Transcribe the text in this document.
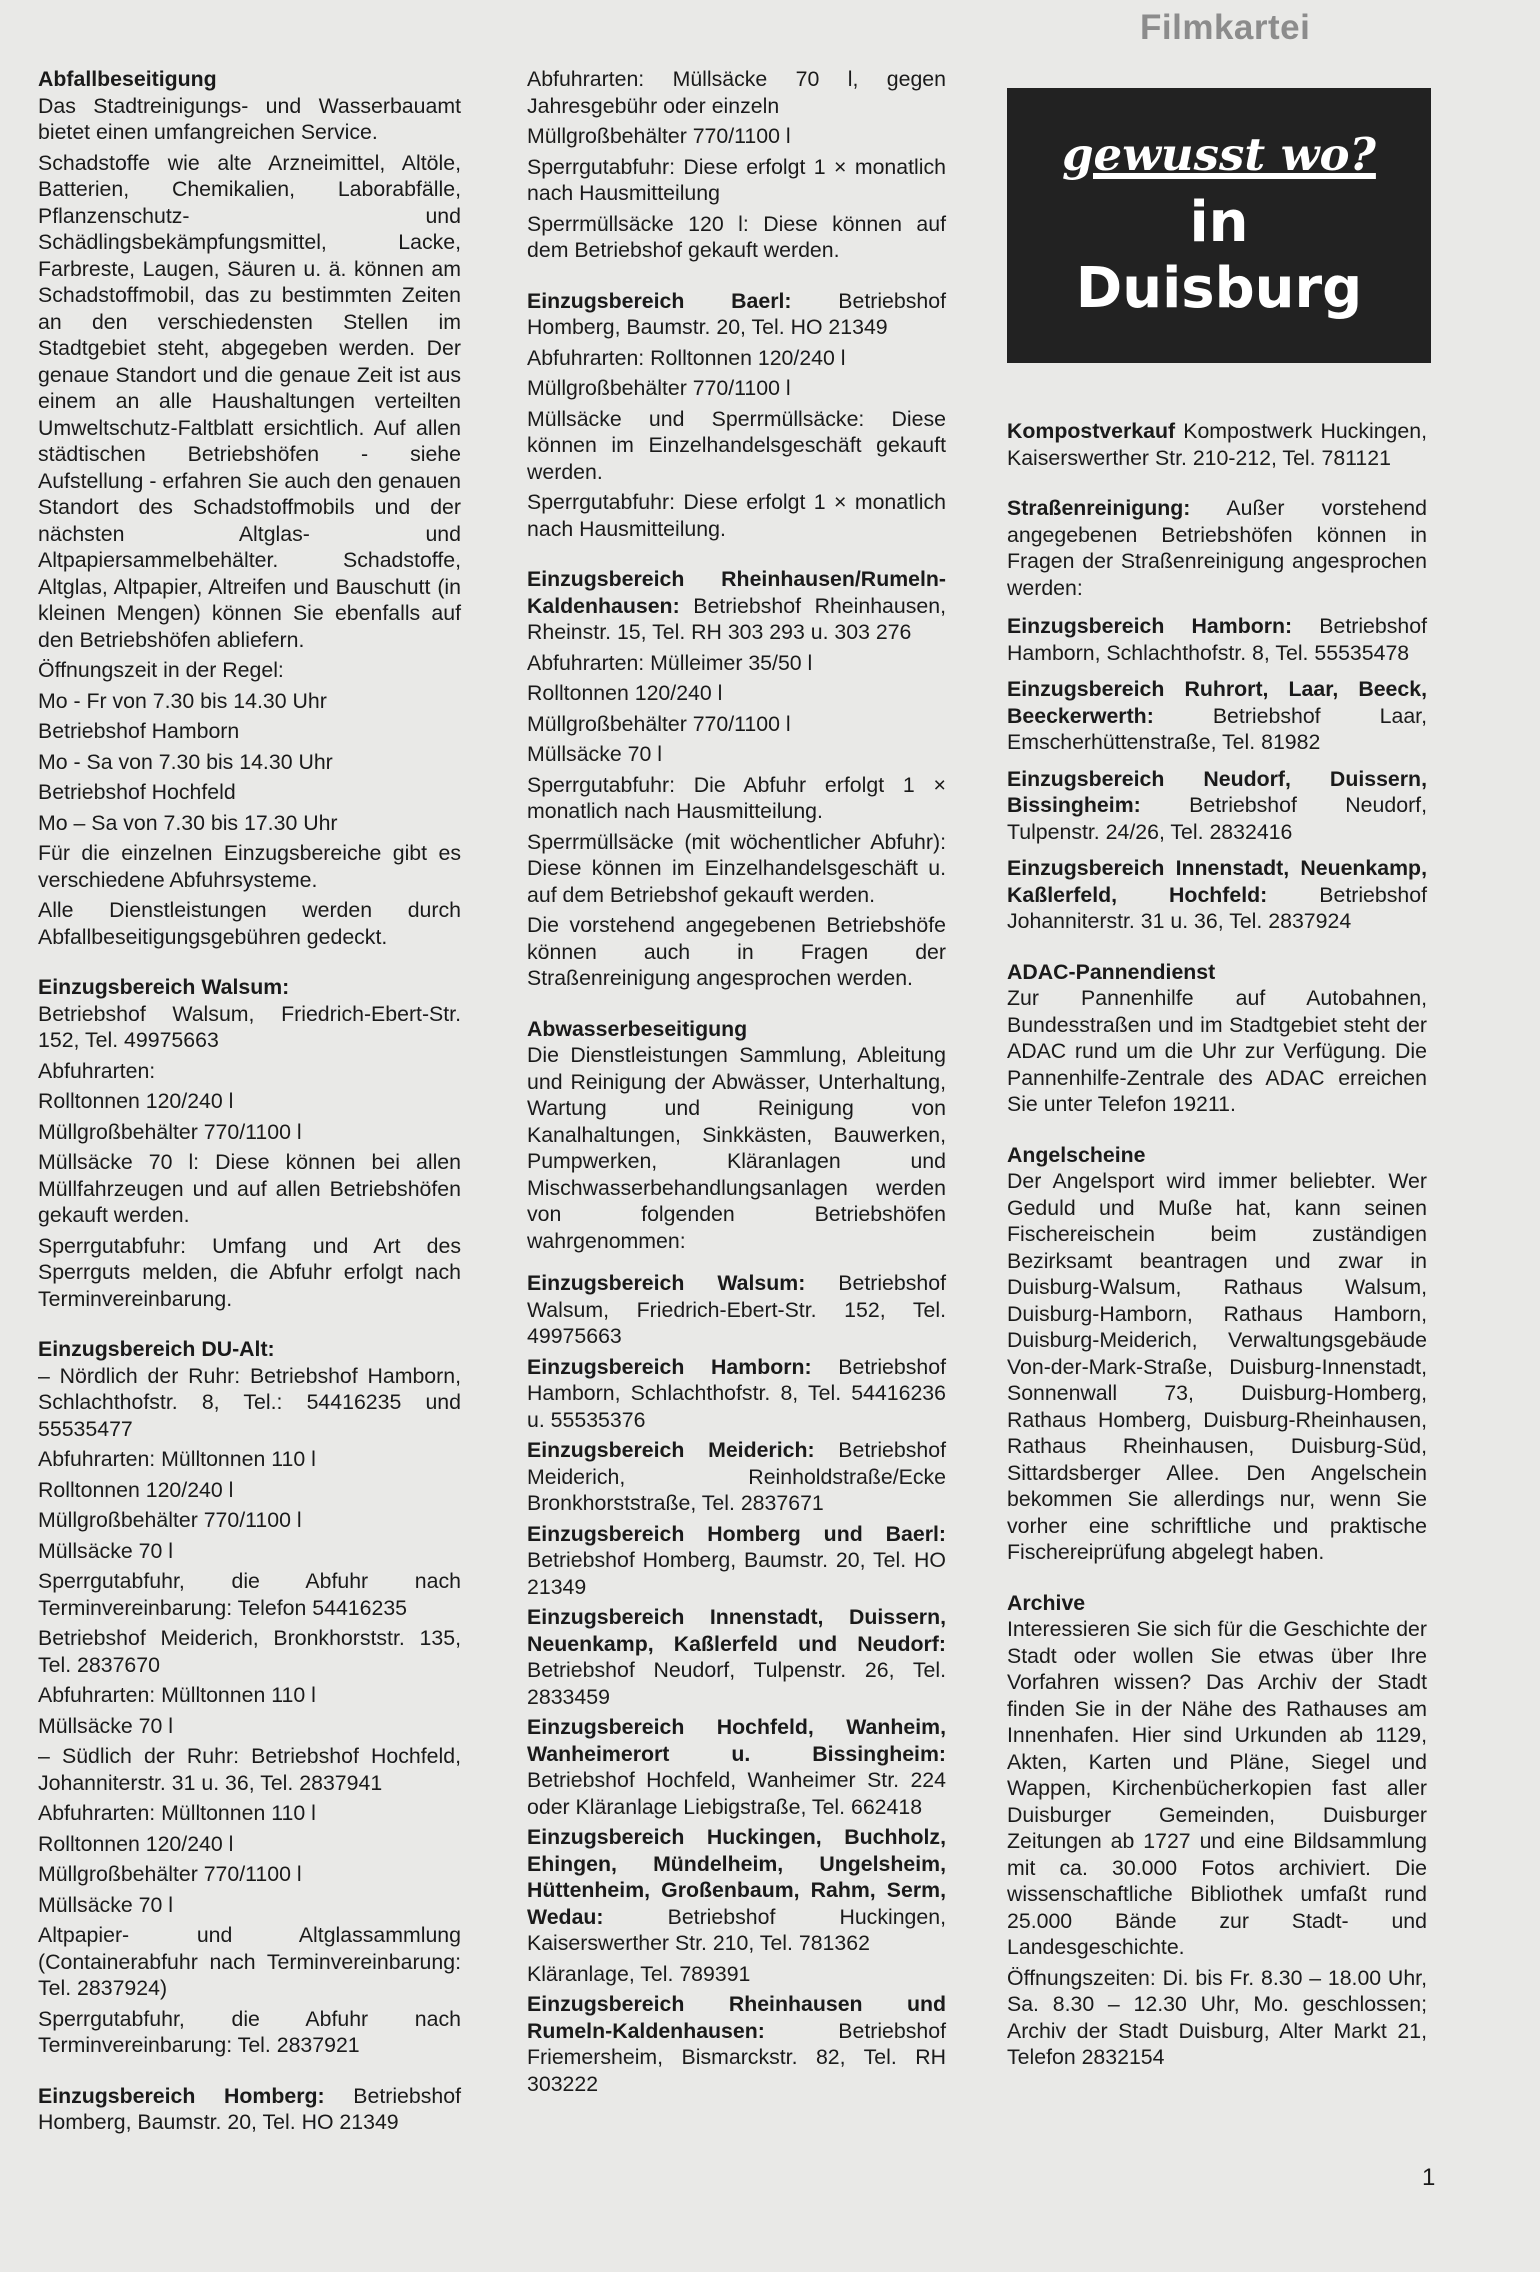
Filmkartei
gewusst wo?
in
Duisburg
Abfallbeseitigung

Das Stadtreinigungs- und Wasserbauamt bietet einen umfangreichen Service.

Schadstoffe wie alte Arzneimittel, Altöle, Batterien, Chemikalien, Laborabfälle, Pflanzenschutz- und Schädlingsbekämpfungsmittel, Lacke, Farbreste, Laugen, Säuren u. ä. können am Schadstoffmobil, das zu bestimmten Zeiten an den verschiedensten Stellen im Stadtgebiet steht, abgegeben werden. Der genaue Standort und die genaue Zeit ist aus einem an alle Haushaltungen verteilten Umweltschutz-Faltblatt ersichtlich. Auf allen städtischen Betriebshöfen - siehe Aufstellung - erfahren Sie auch den genauen Standort des Schadstoffmobils und der nächsten Altglas- und Altpapiersammelbehälter. Schadstoffe, Altglas, Altpapier, Altreifen und Bauschutt (in kleinen Mengen) können Sie ebenfalls auf den Betriebshöfen abliefern.

Öffnungszeit in der Regel:

Mo - Fr von 7.30 bis 14.30 Uhr

Betriebshof Hamborn

Mo - Sa von 7.30 bis 14.30 Uhr

Betriebshof Hochfeld

Mo – Sa von 7.30 bis 17.30 Uhr

Für die einzelnen Einzugsbereiche gibt es verschiedene Abfuhrsysteme.

Alle Dienstleistungen werden durch Abfallbeseitigungsgebühren gedeckt.

Einzugsbereich Walsum:

Betriebshof Walsum, Friedrich-Ebert-Str. 152, Tel. 49975663

Abfuhrarten:

Rolltonnen 120/240 l

Müllgroßbehälter 770/1100 l

Müllsäcke 70 l: Diese können bei allen Müllfahrzeugen und auf allen Betriebshöfen gekauft werden.

Sperrgutabfuhr: Umfang und Art des Sperrguts melden, die Abfuhr erfolgt nach Terminvereinbarung.

Einzugsbereich DU-Alt:

– Nördlich der Ruhr: Betriebshof Hamborn, Schlachthofstr. 8, Tel.: 54416235 und 55535477

Abfuhrarten: Mülltonnen 110 l

Rolltonnen 120/240 l

Müllgroßbehälter 770/1100 l

Müllsäcke 70 l

Sperrgutabfuhr, die Abfuhr nach Terminvereinbarung: Telefon 54416235

Betriebshof Meiderich, Bronkhorststr. 135, Tel. 2837670

Abfuhrarten: Mülltonnen 110 l

Müllsäcke 70 l

– Südlich der Ruhr: Betriebshof Hochfeld, Johanniterstr. 31 u. 36, Tel. 2837941

Abfuhrarten: Mülltonnen 110 l

Rolltonnen 120/240 l

Müllgroßbehälter 770/1100 l

Müllsäcke 70 l

Altpapier- und Altglassammlung (Containerabfuhr nach Terminvereinbarung: Tel. 2837924)

Sperrgutabfuhr, die Abfuhr nach Terminvereinbarung: Tel. 2837921

Einzugsbereich Homberg: Betriebshof Homberg, Baumstr. 20, Tel. HO 21349

Abfuhrarten: Müllsäcke 70 l, gegen Jahresgebühr oder einzeln

Müllgroßbehälter 770/1100 l

Sperrgutabfuhr: Diese erfolgt 1 × monatlich nach Hausmitteilung

Sperrmüllsäcke 120 l: Diese können auf dem Betriebshof gekauft werden.

Einzugsbereich Baerl: Betriebshof Homberg, Baumstr. 20, Tel. HO 21349

Abfuhrarten: Rolltonnen 120/240 l

Müllgroßbehälter 770/1100 l

Müllsäcke und Sperrmüllsäcke: Diese können im Einzelhandelsgeschäft gekauft werden.

Sperrgutabfuhr: Diese erfolgt 1 × monatlich nach Hausmitteilung.

Einzugsbereich Rheinhausen/Rumeln-Kaldenhausen: Betriebshof Rheinhausen, Rheinstr. 15, Tel. RH 303 293 u. 303 276

Abfuhrarten: Mülleimer 35/50 l

Rolltonnen 120/240 l

Müllgroßbehälter 770/1100 l

Müllsäcke 70 l

Sperrgutabfuhr: Die Abfuhr erfolgt 1 × monatlich nach Hausmitteilung.

Sperrmüllsäcke (mit wöchentlicher Abfuhr): Diese können im Einzelhandelsgeschäft u. auf dem Betriebshof gekauft werden.

Die vorstehend angegebenen Betriebshöfe können auch in Fragen der Straßenreinigung angesprochen werden.

Abwasserbeseitigung

Die Dienstleistungen Sammlung, Ableitung und Reinigung der Abwässer, Unterhaltung, Wartung und Reinigung von Kanalhaltungen, Sinkkästen, Bauwerken, Pumpwerken, Kläranlagen und Mischwasserbehandlungsanlagen werden von folgenden Betriebshöfen wahrgenommen:

Einzugsbereich Walsum: Betriebshof Walsum, Friedrich-Ebert-Str. 152, Tel. 49975663

Einzugsbereich Hamborn: Betriebshof Hamborn, Schlachthofstr. 8, Tel. 54416236 u. 55535376

Einzugsbereich Meiderich: Betriebshof Meiderich, Reinholdstraße/Ecke Bronkhorststraße, Tel. 2837671

Einzugsbereich Homberg und Baerl: Betriebshof Homberg, Baumstr. 20, Tel. HO 21349

Einzugsbereich Innenstadt, Duissern, Neuenkamp, Kaßlerfeld und Neudorf: Betriebshof Neudorf, Tulpenstr. 26, Tel. 2833459

Einzugsbereich Hochfeld, Wanheim, Wanheimerort u. Bissingheim: Betriebshof Hochfeld, Wanheimer Str. 224 oder Kläranlage Liebigstraße, Tel. 662418

Einzugsbereich Huckingen, Buchholz, Ehingen, Mündelheim, Ungelsheim, Hüttenheim, Großenbaum, Rahm, Serm, Wedau:	Betriebshof Huckingen, Kaiserswerther Str. 210, Tel. 781362

Kläranlage, Tel. 789391

Einzugsbereich Rheinhausen und Rumeln-Kaldenhausen:	Betriebshof Friemersheim, Bismarckstr. 82, Tel. RH 303222

Kompostverkauf Kompostwerk Huckingen, Kaiserswerther Str. 210-212, Tel. 781121

Straßenreinigung: Außer vorstehend angegebenen Betriebshöfen können in Fragen der Straßenreinigung angesprochen werden:

Einzugsbereich Hamborn: Betriebshof Hamborn, Schlachthofstr. 8, Tel. 55535478

Einzugsbereich Ruhrort, Laar, Beeck, Beeckerwerth:	Betriebshof Laar, Emscherhüttenstraße, Tel. 81982

Einzugsbereich Neudorf, Duissern, Bissingheim: Betriebshof Neudorf, Tulpenstr. 24/26, Tel. 2832416

Einzugsbereich Innenstadt, Neuenkamp, Kaßlerfeld, Hochfeld: Betriebshof Johanniterstr. 31 u. 36, Tel. 2837924

ADAC-Pannendienst

Zur Pannenhilfe auf Autobahnen, Bundesstraßen und im Stadtgebiet steht der ADAC rund um die Uhr zur Verfügung. Die Pannenhilfe-Zentrale des ADAC erreichen Sie unter Telefon 19211.

Angelscheine

Der Angelsport wird immer beliebter. Wer Geduld und Muße hat, kann seinen Fischereischein beim zuständigen Bezirksamt beantragen und zwar in Duisburg-Walsum, Rathaus Walsum, Duisburg-Hamborn, Rathaus Hamborn, Duisburg-Meiderich, Verwaltungsgebäude Von-der-Mark-Straße, Duisburg-Innenstadt, Sonnenwall 73, Duisburg-Homberg, Rathaus Homberg, Duisburg-Rheinhausen, Rathaus Rheinhausen, Duisburg-Süd, Sittardsberger Allee. Den Angelschein bekommen Sie allerdings nur, wenn Sie vorher eine schriftliche und praktische Fischereiprüfung abgelegt haben.

Archive

Interessieren Sie sich für die Geschichte der Stadt oder wollen Sie etwas über Ihre Vorfahren wissen? Das Archiv der Stadt finden Sie in der Nähe des Rathauses am Innenhafen. Hier sind Urkunden ab 1129, Akten, Karten und Pläne, Siegel und Wappen, Kirchenbücherkopien fast aller Duisburger Gemeinden, Duisburger Zeitungen ab 1727 und eine Bildsammlung mit ca. 30.000 Fotos archiviert. Die wissenschaftliche Bibliothek umfaßt rund 25.000 Bände zur Stadt- und Landesgeschichte.

Öffnungszeiten: Di. bis Fr. 8.30 – 18.00 Uhr, Sa. 8.30 – 12.30 Uhr, Mo. geschlossen; Archiv der Stadt Duisburg, Alter Markt 21, Telefon 2832154

1
